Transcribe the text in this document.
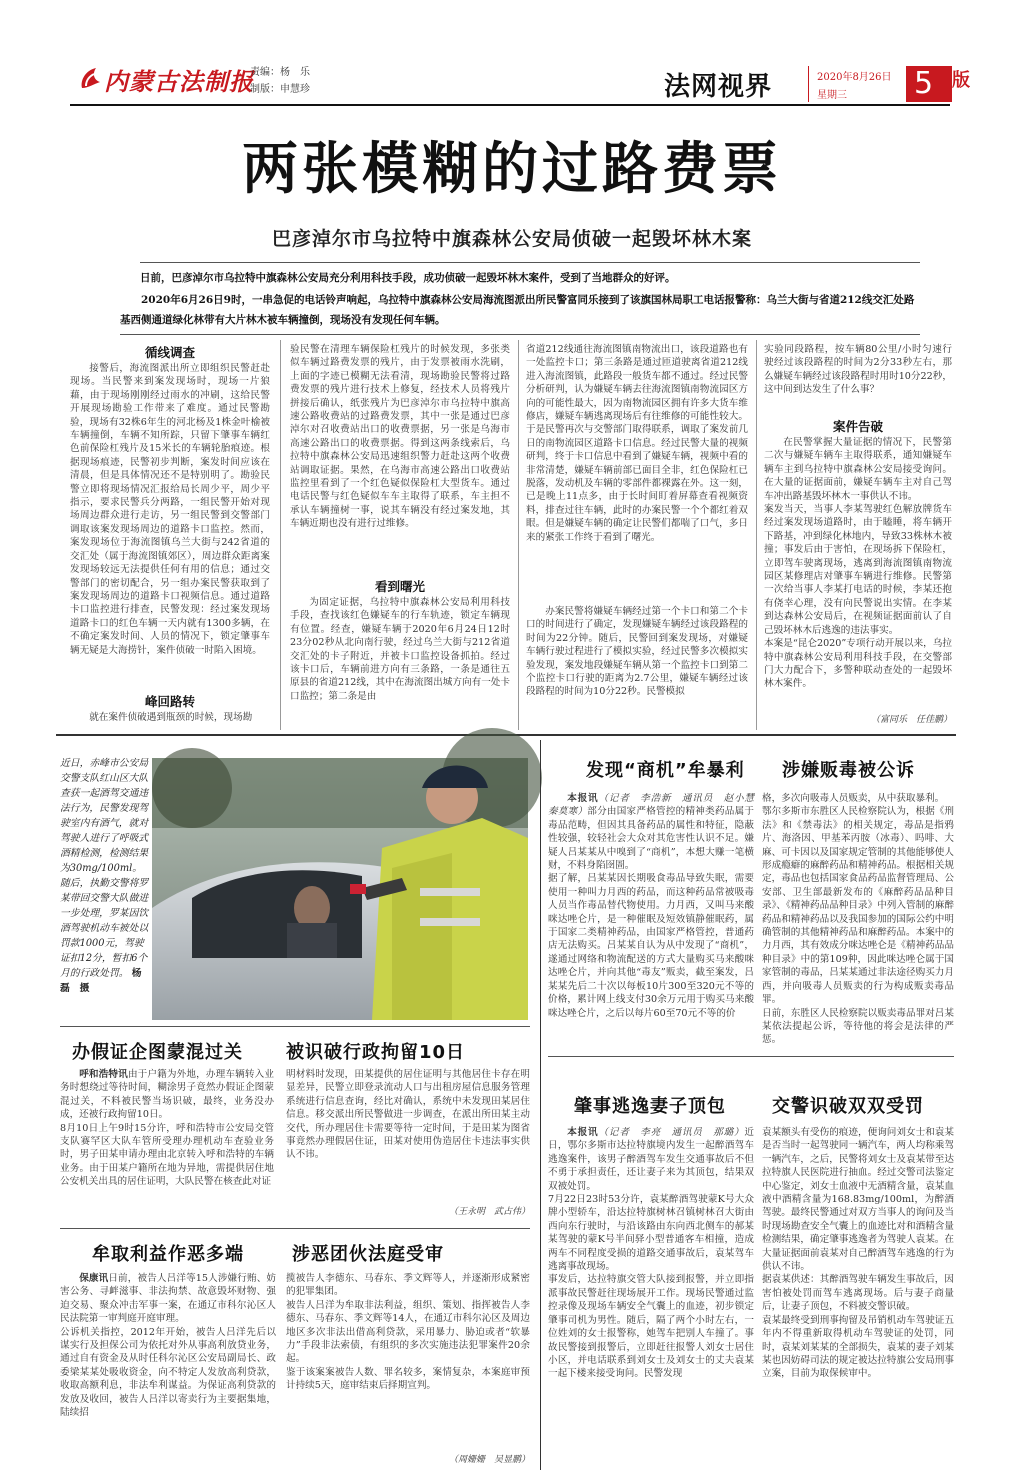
内蒙古法制报
责编：杨　乐
制版：申慧珍	法网视界	2020年8月26日
星期三 5 版
两张模糊的过路费票
巴彦淖尔市乌拉特中旗森林公安局侦破一起毁坏林木案
日前，巴彦淖尔市乌拉特中旗森林公安局充分利用科技手段，成功侦破一起毁坏林木案件，受到了当地群众的好评。
2020年6月26日9时，一串急促的电话铃声响起，乌拉特中旗森林公安局海流图派出所民警富同乐接到了该旗国林局职工电话报警称：乌兰大街与省道212线交汇处路基西侧通道绿化林带有大片林木被车辆撞倒，现场没有发现任何车辆。
循线调查

接警后，海流图派出所立即组织民警赶赴现场。当民警来到案发现场时，现场一片狼藉，由于现场刚刚经过雨水的冲刷，这给民警开展现场勘验工作带来了难度。通过民警勘验，现场有32株6年生的河北杨及1株金叶榆被车辆撞倒，车辆不知所踪，只留下肇事车辆红色前保险杠残片及15米长的车辆轮胎痕迹。根据现场痕迹，民警初步判断，案发时间应该在清晨，但是具体情况还不是特别明了。勘验民警立即将现场情况汇报给局长周少平，周少平指示，要求民警兵分两路，一组民警开始对现场周边群众进行走访，另一组民警到交警部门调取该案发现场周边的道路卡口监控。然而，案发现场位于海流图镇乌兰大街与242省道的交汇处（属于海流图镇郊区），周边群众距离案发现场较远无法提供任何有用的信息；通过交警部门的密切配合，另一组办案民警获取到了案发现场周边的道路卡口视频信息。通过道路卡口监控进行排查，民警发现：经过案发现场道路卡口的红色车辆一天内就有1300多辆，在不确定案发时间、人员的情况下，锁定肇事车辆无疑是大海捞针，案件侦破一时陷入困境。

峰回路转

就在案件侦破遇到瓶颈的时候，现场勘

验民警在清理车辆保险杠残片的时候发现，多张类似车辆过路费发票的残片，由于发票被雨水洗刷，上面的字迹已模糊无法看清，现场勘验民警将过路费发票的残片进行技术上修复，经技术人员将残片拼接后确认，纸张残片为巴彦淖尔市乌拉特中旗高速公路收费站的过路费发票，其中一张是通过巴彦淖尔对召收费站出口的收费票据，另一张是乌海市高速公路出口的收费票据。得到这两条线索后，乌拉特中旗森林公安局迅速组织警力赶赴这两个收费站调取证据。果然，在乌海市高速公路出口收费站监控里看到了一个红色疑似保险杠大型货车。通过电话民警与红色疑似车车主取得了联系，车主担不承认车辆撞树一事，说其车辆没有经过案发地，其车辆近期也没有进行过维修。

看到曙光

为固定证据，乌拉特中旗森林公安局利用科技手段，查找该红色嫌疑车的行车轨迹，锁定车辆现有位置。经查，嫌疑车辆于2020年6月24日12时23分02秒从北向南行驶，经过乌兰大街与212省道交汇处的卡子附近，并被卡口监控设备抓拍。经过该卡口后，车辆前进方向有三条路，一条是通往五原县的省道212线，其中在海流图出城方向有一处卡口监控；第二条是由

省道212线通往海流图镇南物流出口，该段道路也有一处监控卡口；第三条路是通过匝道驶离省道212线进入海流图镇，此路段一般货车都不通过。经过民警分析研判，认为嫌疑车辆去往海流图镇南物流园区方向的可能性最大，因为南物流园区拥有许多大货车维修店，嫌疑车辆逃离现场后有往维修的可能性较大。于是民警再次与交警部门取得联系，调取了案发前几日的南物流园区道路卡口信息。经过民警大量的视频研判，终于卡口信息中看到了嫌疑车辆，视频中看的非常清楚，嫌疑车辆前部已面目全非，红色保险杠已脱落，发动机及车辆的零部件都裸露在外。这一刻，已是晚上11点多，由于长时间盯着屏幕查看视频资料，排查过往车辆，此时的办案民警一个个都红着双眼。但是嫌疑车辆的确定让民警们都喘了口气，多日来的紧张工作终于看到了曙光。

办案民警将嫌疑车辆经过第一个卡口和第二个卡口的时间进行了确定，发现嫌疑车辆经过该段路程的时间为22分钟。随后，民警回到案发现场，对嫌疑车辆行驶过程进行了模拟实验，经过民警多次模拟实验发现，案发地段嫌疑车辆从第一个监控卡口到第二个监控卡口行驶的距离为2.7公里，嫌疑车辆经过该段路程的时间为10分22秒。民警模拟

实验同段路程，按车辆80公里/小时匀速行驶经过该段路程的时间为2分33秒左右，那么嫌疑车辆经过该段路程时用时10分22秒，这中间到达发生了什么事？

案件告破
在民警掌握大量证据的情况下，民警第二次与嫌疑车辆车主取得联系，通知嫌疑车辆车主到乌拉特中旗森林公安局接受询问。在大量的证据面前，嫌疑车辆车主对自己驾车冲出路基毁坏林木一事供认不讳。
案发当天，当事人李某驾驶红色解放牌货车经过案发现场道路时，由于瞌睡，将车辆开下路基，冲到绿化林地内，导致33株林木被撞；事发后由于害怕，在现场拆下保险杠，立即驾车驶离现场，逃离到海流图镇南物流园区某修理店对肇事车辆进行维修。民警第一次给当事人李某打电话的时候，李某还抱有侥幸心理，没有向民警说出实情。在李某到达森林公安局后，在视频证据面前认了自己毁坏林木后逃逸的违法事实。
本案是“昆仑2020”专项行动开展以来，乌拉特中旗森林公安局利用科技手段，在交警部门大力配合下，多警种联动查处的一起毁坏林木案件。
（富同乐　任佳鹏）
近日，赤峰市公安局交警支队红山区大队查获一起酒驾交通违法行为，民警发现驾驶室内有酒气，就对驾驶人进行了呼吸式酒精检测，检测结果为30mg/100ml。随后，执勤交警将罗某带回交警大队做进一步处理，罗某因饮酒驾驶机动车被处以罚款1000元，驾驶证扣12分，暂扣6个月的行政处罚。 杨磊　摄
发现“商机”牟暴利 涉嫌贩毒被公诉

本报讯（记者　李浩新　通讯员　赵小慧　秦莫寒）部分由国家严格管控的精神类药品属于毒品范畴，但因其具备药品的属性和特征，隐蔽性较强，较轻社会大众对其危害性认识不足。嫌疑人吕某某从中嗅到了“商机”，本想大赚一笔横财，不料身陷囹圄。
据了解，吕某某因长期吸食毒品导致失眠，需要使用一种叫力月西的药品，而这种药品常被吸毒人员当作毒品替代物使用。力月西，又叫马来酸咪达唑仑片，是一种催眠及短效镇静催眠药，属于国家二类精神药品，由国家严格管控，普通药店无法购买。吕某某自认为从中发现了“商机”，遂通过网络和物流配送的方式大量购买马来酸咪达唑仑片，并向其他“毒友”贩卖，截至案发，吕某某先后二十次以每板10片300至320元不等的价格，累计网上线支付30余万元用于购买马来酸咪达唑仑片，之后以每片60至70元不等的价

格，多次向吸毒人员贩卖，从中获取暴利。
鄂尔多斯市东胜区人民检察院认为，根据《刑法》和《禁毒法》的相关规定，毒品是指鸦片、海洛因、甲基苯丙胺（冰毒）、吗啡、大麻、可卡因以及国家规定管制的其他能够使人形成瘾癖的麻醉药品和精神药品。根据相关规定，毒品也包括国家食品药品监督管理局、公安部、卫生部最新发布的《麻醉药品品种目录》、《精神药品品种目录》中列入管制的麻醉药品和精神药品以及我国参加的国际公约中明确管制的其他精神药品和麻醉药品。本案中的力月西，其有效成分咪达唑仑是《精神药品品种目录》中的第109种，因此咪达唑仑属于国家管制的毒品，吕某某通过非法途径购买力月西，并向吸毒人员贩卖的行为构成贩卖毒品罪。
日前，东胜区人民检察院以贩卖毒品罪对吕某某依法提起公诉，等待他的将会是法律的严惩。
办假证企图蒙混过关 被识破行政拘留10日

呼和浩特讯由于户籍为外地，办理车辆转入业务时想绕过等待时间，糊涂男子竟然办假证企图蒙混过关，不料被民警当场识破，最终，业务没办成，还被行政拘留10日。
8月10日上午9时15分许，呼和浩特市公安局交管支队赛罕区大队车管所受理办理机动车查验业务时，男子田某申请办理由北京转入呼和浩特的车辆业务。由于田某户籍所在地为异地，需提供居住地公安机关出具的居住证明，大队民警在核查此对证

明材料时发现，田某提供的居住证明与其他居住卡存在明显差异，民警立即登录流动人口与出租房屋信息服务管理系统进行信息查询，经比对确认，系统中未发现田某居住信息。移交派出所民警做进一步调查，在派出所田某主动交代，所办理居住卡需要等待一定时间，于是田某为图省事竟然办理假居住证，田某对使用伪造居住卡违法事实供认不讳。
（王永明　武占伟）
牟取利益作恶多端	涉恶团伙法庭受审

保康讯日前，被告人吕洋等15人涉嫌行贿、妨害公务、寻衅滋事、非法拘禁、故意毁坏财物、强迫交易、聚众冲击军事一案，在通辽市科尔沁区人民法院第一审判庭开庭审理。
公诉机关指控，2012年开始，被告人吕洋先后以谋实行及担保公司为依托对外从事高利放贷业务，通过自有资金及从时任科尔沁区公安局副局长、政委梁某某处吸收资金，向不特定人发放高利贷款，收取高额利息，非法牟利谋益。为保证高利贷款的发放及收回，被告人吕洋以寄卖行为主要据集地，陆续招

揽被告人李德东、马春东、季文辉等人，并逐渐形成紧密的犯罪集团。
被告人吕洋为牟取非法利益，组织、策划、指挥被告人李德东、马春东、季文辉等14人，在通辽市科尔沁区及周边地区多次非法出借高利贷款，采用暴力、胁迫或者“软暴力”手段非法索债，有组织的多次实施违法犯罪案件20余起。
鉴于该案案被告人数、罪名较多，案情复杂，本案庭审预计持续5天，庭审结束后择期宣判。
（周姗姗　吴显鹏）
肇事逃逸妻子顶包	交警识破双双受罚

本报讯（记者　李亮　通讯员　那璐）近日，鄂尔多斯市达拉特旗境内发生一起醉酒驾车逃逸案件，该男子醉酒驾车发生交通事故后不但不勇于承担责任，还让妻子来为其顶包，结果双双被处罚。
7月22日23时53分许，袁某醉酒驾驶蒙K号大众牌小型轿车，沿达拉特旗树林召镇树林召大街由西向东行驶时，与沿该路由东向西北侧车的郝某某驾驶的蒙K号半间驿小型普通客车相撞，造成两车不同程度受损的道路交通事故后，袁某驾车逃离事故现场。
事发后，达拉特旗交管大队接到报警，并立即指派事故民警赶往现场展开工作。现场民警通过监控录像及现场车辆安全气囊上的血迹，初步锁定肇事司机为男性。随后，隔了两个小时左右，一位姓刘的女士报警称，她驾车把别人车撞了。事故民警接到报警后，立即赶往报警人刘女士居住小区，并电话联系到刘女士及刘女士的丈夫袁某一起下楼来接受询问。民警发现

袁某额头有受伤的痕迹，便询问刘女士和袁某是否当时一起驾驶同一辆汽车，两人均称乘驾一辆汽车，之后，民警将刘女士及袁某带至达拉特旗人民医院进行抽血。经过交警司法鉴定中心鉴定，刘女士血液中无酒精含量，袁某血液中酒精含量为168.83mg/100ml，为醉酒驾驶。最终民警通过对双方当事人的询问及当时现场勘查安全气囊上的血迹比对和酒精含量检测结果，确定肇事逃逸者为驾驶人袁某。在大量证据面前袁某对自己醉酒驾车逃逸的行为供认不讳。
据袁某供述：其醉酒驾驶车辆发生事故后，因害怕被处罚而驾车逃离现场。后与妻子商量后，让妻子顶包，不料被交警识破。
袁某最终受到刑事拘留及吊销机动车驾驶证五年内不得重新取得机动车驾驶证的处罚，同时，袁某刘某某的全部损失，袁某的妻子刘某某也因妨碍司法的规定被达拉特旗公安局刑事立案，目前为取保候审中。
